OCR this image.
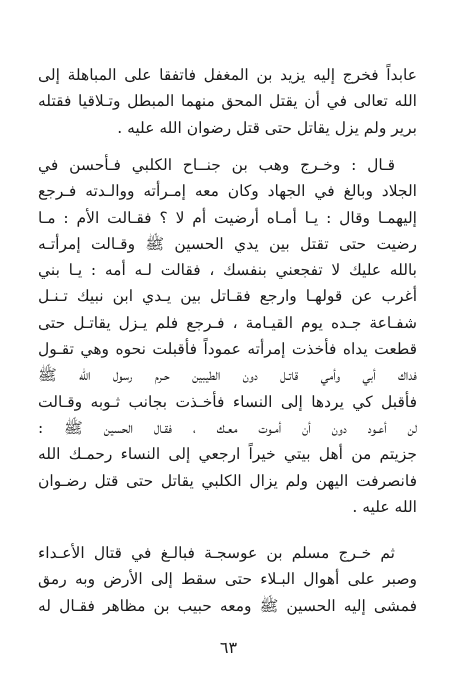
عابداً فخرج إليه يزيد بن المغفل فاتفقا على المباهلة إلى
الله تعالى في أن يقتل المحق منهما المبطل وتـلاقيا فقتله
برير ولم يزل يقاتل حتى قتل رضوان الله عليه .
قـال : وخـرج وهب بن جنــاح الكلبي فـأحسن في
الجلاد وبالغ في الجهاد وكان معه إمـرأته ووالـدته فـرجع
إليهمـا وقال : يـا أمـاه أرضيت أم لا ؟ فقـالت الأم : مـا
رضيت حتى تقتل بين يدي الحسين ﷺ وقـالت إمرأتـه
بالله عليك لا تفجعني بنفسك ، فقالت لـه أمه : يـا بني
أغرب عن قولهـا وارجع فقـاتل بين يـدي ابن نبيك تـنـل
شفـاعة جـده يوم القيـامة ، فـرجع فلم يـزل يقاتـل حتى
قطعت يداه فأخذت إمرأته عموداً فأقبلت نحوه وهي تقـول
فداك أبي وأمي قاتـل دون الطيبين حـرم رسول الله ﷺ
فأقبل كي يردها إلى النساء فأخـذت بجانب ثـوبه وقـالت
لن أعـود دون أن أمـوت معـك ، فقـال الحسين ﷺ :
جزيتم من أهل بيتي خيراً ارجعي إلى النساء رحمـك الله
فانصرفت اليهن ولم يزال الكلبي يقاتل حتى قتل رضـوان
الله عليه .
ثم خـرج مسلم بن عوسجـة فبالـغ في قتال الأعـداء
وصبر على أهوال البـلاء حتى سقط إلى الأرض وبه رمق
فمشى إليه الحسين ﷺ ومعه حبيب بن مظاهر فقـال له
٦٣
